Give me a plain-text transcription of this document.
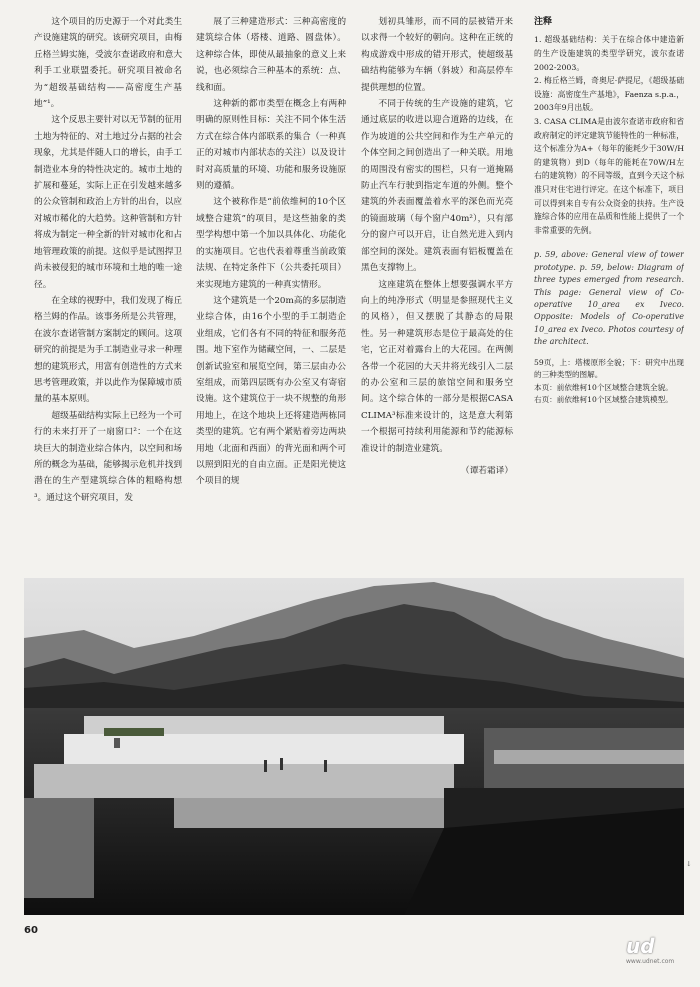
这个项目的历史源于一个对此类生产设施建筑的研究。该研究项目，由梅丘格兰姆实施，受波尔查诺政府和意大利手工业联盟委托。研究项目被命名为“超级基础结构——高密度生产基地”¹。

这个反思主要针对以无节制的征用土地为特征的、对土地过分占据的社会现象，尤其是伴随人口的增长，由手工制造业本身的特性决定的。城市土地的扩展和蔓延，实际上正在引发越来越多的公众管制和政治上方针的出台，以应对城市稀化的大趋势。这种管制和方针将成为制定一种全新的针对城市化和占地管理政策的前提。这似乎是试图捍卫尚未被侵犯的城市环境和土地的唯一途径。

在全球的视野中，我们发现了梅丘格兰姆的作品。该事务所是公共管理，在波尔查诺管制方案制定的顾问。这项研究的前提是为手工制造业寻求一种理想的建筑形式，用富有创造性的方式来思考管理政策，并以此作为保障城市质量的基本原则。

超级基础结构实际上已经为一个可行的未来打开了一扇窗口²：一个在这块巨大的制造业综合体内，以空间和场所的概念为基础，能够揭示危机并找到潜在的生产型建筑综合体的粗略构想³。通过这个研究项目，发

展了三种建造形式：三种高密度的建筑综合体（塔楼、道路、圆盘体）。这种综合体，即使从最抽象的意义上来说，也必须综合三种基本的系统：点、线和面。

这种新的都市类型在概念上有两种明确的原则性目标：关注不同个体生活方式在综合体内部联系的集合（一种真正的对城市内部状态的关注）以及设计时对高质量的环境、功能和服务设施原则的遵循。

这个被称作是“前依维柯的10个区域整合建筑”的项目，是这些抽象的类型学构想中第一个加以具体化、功能化的实施项目。它也代表着尊重当前政策法规、在特定条件下（公共委托项目）来实现地方建筑的一种真实情形。

这个建筑是一个20m高的多层制造业综合体，由16个小型的手工制造企业组成，它们各有不同的特征和服务范围。地下室作为储藏空间，一、二层是创新试验室和展览空间，第三层由办公室组成，而第四层既有办公室又有寄宿设施。这个建筑位于一块不规整的角形用地上，在这个地块上还将建造两栋同类型的建筑。它有两个紧贴着旁边两块用地（北面和西面）的背光面和两个可以照到阳光的自由立面。正是阳光使这个项目的规

划初具雏形，而不同的层被错开来以求得一个较好的朝向。这种在正统的构成游戏中形成的错开形式，使超级基础结构能够为车辆（斜坡）和高层停车提供理想的位置。

不同于传统的生产设施的建筑，它通过底层的收进以迎合道路的边线，在作为坡道的公共空间和作为生产单元的个体空间之间创造出了一种关联。用地的周围没有密实的围栏，只有一道掩隔防止汽车行驶到指定车道的外侧。整个建筑的外表面覆盖着水平的深色而光亮的镜面玻璃（每个窗户40m²），只有部分的窗户可以开启，让自然光进入到内部空间的深处。建筑表面有铝板覆盖在黑色支撑物上。

这座建筑在整体上想要强调水平方向上的纯净形式（明显是参照现代主义的风格），但又摆脱了其静态的局限性。另一种建筑形态是位于最高处的住宅，它正对着露台上的大花园。在两侧各带一个花园的大天井将光线引入二层的办公室和三层的旅馆空间和服务空间。这个综合体的一部分是根据CASA CLIMA³标准来设计的，这是意大利第一个根据可持续利用能源和节约能源标准设计的制造业建筑。

（谭若霜译）
注释

1. 超级基础结构：关于在综合体中建造新的生产设施建筑的类型学研究，波尔查诺2002-2003。

2. 梅丘格兰姆，奇奥尼·萨提尼，《超级基础设施：高密度生产基地》，Faenza s.p.a.，2003年9月出版。

3. CASA CLIMA是由波尔查诺市政府和省政府制定的评定建筑节能特性的一种标准，这个标准分为A+（每年的能耗少于30W/H的建筑物）到D（每年的能耗在70W/H左右的建筑物）的不同等级，直到今天这个标准只对住宅进行评定。在这个标准下，项目可以得到来自专有公众资金的扶持。生产设施综合体的应用在品质和性能上提供了一个非常重要的先例。

p. 59, above: General view of tower prototype. p. 59, below: Diagram of three types emerged from research. This page: General view of Co-operative 10_area ex Iveco. Opposite: Models of Co-operative 10_area ex Iveco. Photos courtesy of the architect.
59页，上：塔楼原形全貌；下：研究中出现的三种类型的图解。
本页：前依维柯10个区域整合建筑全貌。
右页：前依维柯10个区域整合建筑模型。
↓
60
ud
www.udnet.com
